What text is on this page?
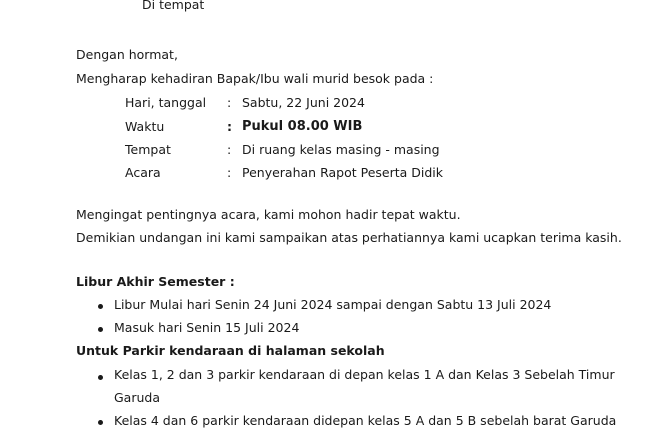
Di tempat
Dengan hormat,
Mengharap kehadiran Bapak/Ibu wali murid besok pada :
Hari, tanggal : Sabtu, 22 Juni 2024
Waktu	: Pukul 08.00 WIB
Tempat	: Di ruang kelas masing - masing
Acara	: Penyerahan Rapot Peserta Didik
Mengingat pentingnya acara, kami mohon hadir tepat waktu.
Demikian undangan ini kami sampaikan atas perhatiannya kami ucapkan terima kasih.
Libur Akhir Semester :
Libur Mulai hari Senin 24 Juni 2024 sampai dengan Sabtu 13 Juli 2024
Masuk hari Senin 15 Juli 2024
Untuk Parkir kendaraan di halaman sekolah
Kelas 1, 2 dan 3 parkir kendaraan di depan kelas 1 A dan Kelas 3 Sebelah Timur
Garuda
Kelas 4 dan 6 parkir kendaraan didepan kelas 5 A dan 5 B sebelah barat Garuda
